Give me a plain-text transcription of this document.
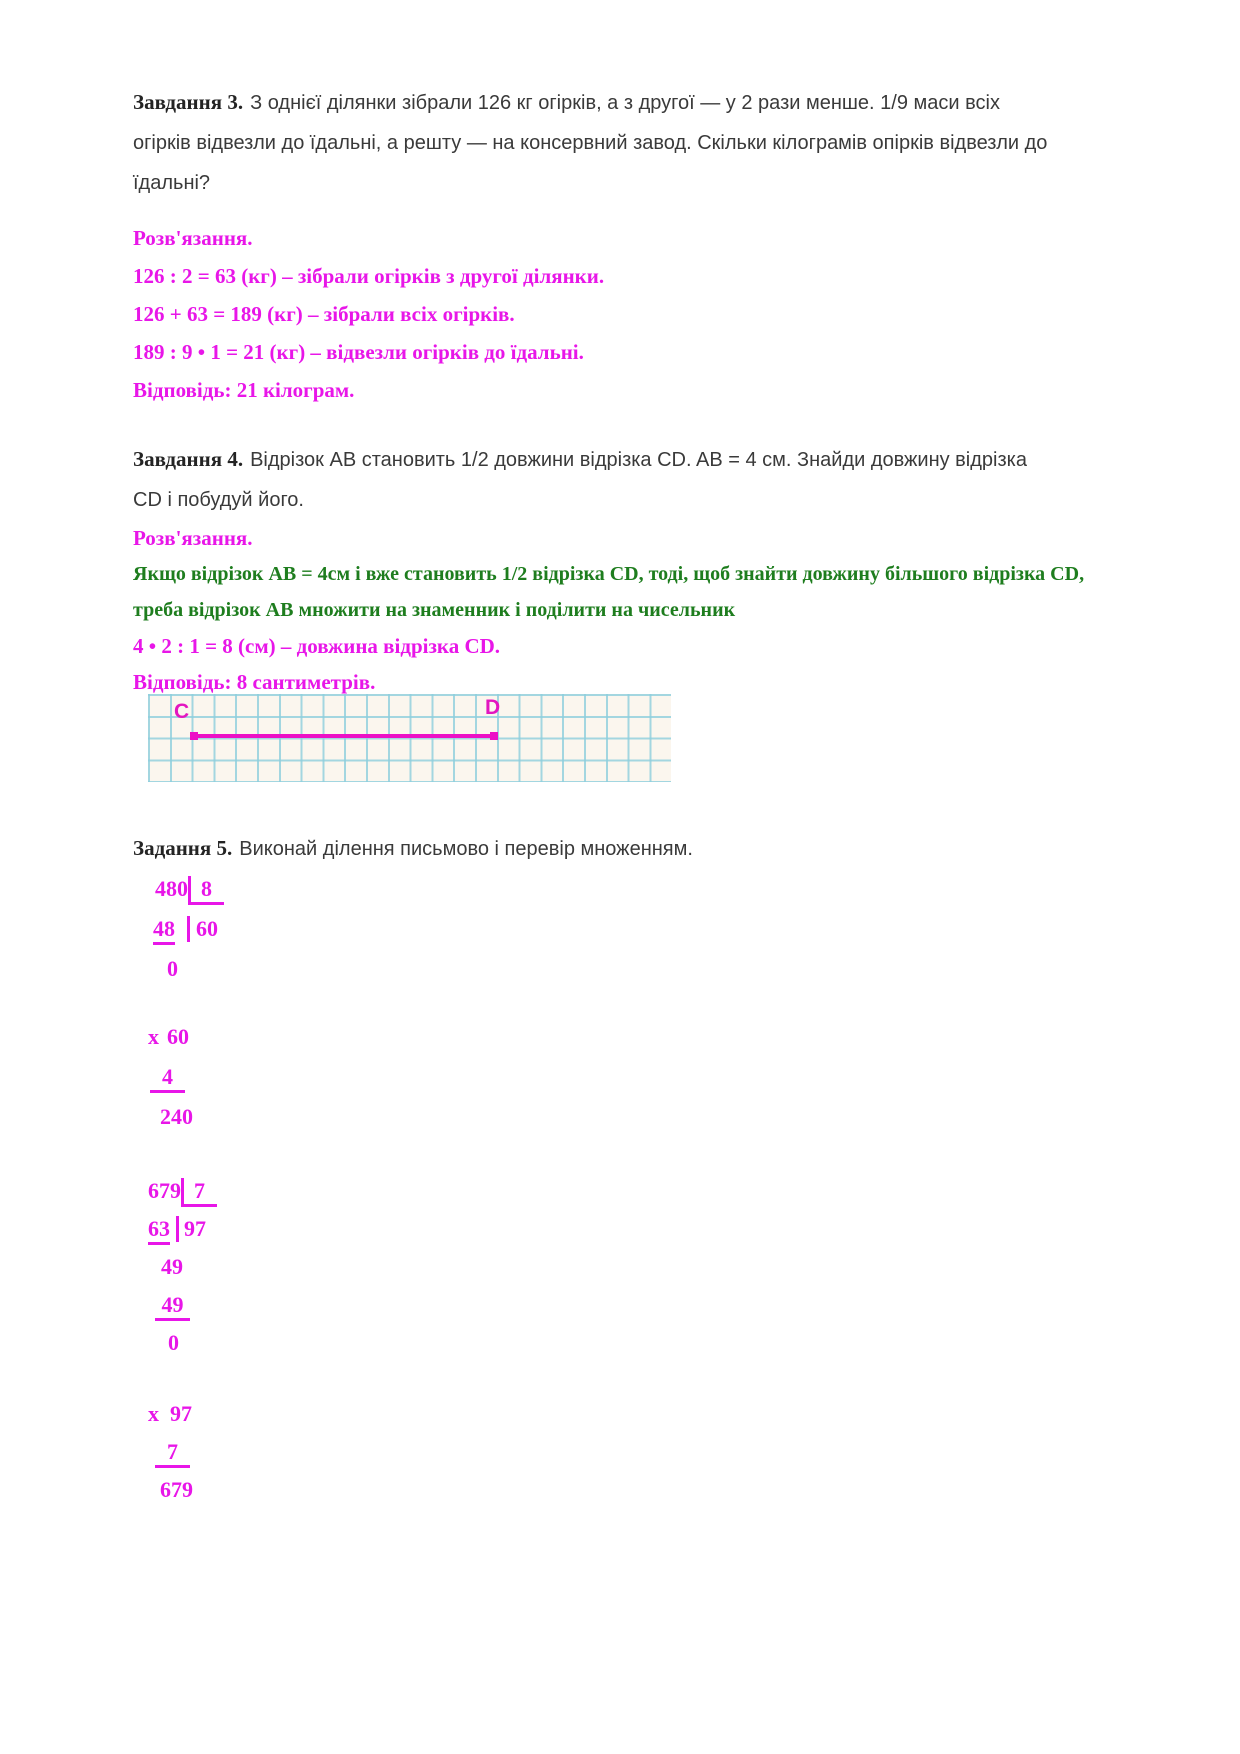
Завдання 3. З однієї ділянки зібрали 126 кг огірків, а з другої — у 2 рази менше. 1/9 маси всіх
огірків відвезли до їдальні, а решту — на консервний завод. Скільки кілограмів опірків відвезли до
їдальні?
Розв'язання.
126 : 2 = 63 (кг) – зібрали огірків з другої ділянки.
126 + 63 = 189 (кг) – зібрали всіх огірків.
189 : 9 • 1 = 21 (кг) – відвезли огірків до їдальні.
Відповідь: 21 кілограм.
Завдання 4. Відрізок AB становить 1/2 довжини відрізка CD. AB = 4 см. Знайди довжину відрізка
CD і побудуй його.
Розв'язання.
Якщо відрізок AB = 4см і вже становить 1/2 відрізка CD, тоді, щоб знайти довжину більшого відрізка CD,
треба відрізок AB множити на знаменник і поділити на чисельник
4 • 2 : 1 = 8 (см) – довжина відрізка CD.
Відповідь: 8 сантиметрів.
C	D
Задання 5. Виконай ділення письмово і перевір множенням.
480 8
48 60
0
x 60
4
240
679 7
63 97
49
49
0
x 97
7
679
